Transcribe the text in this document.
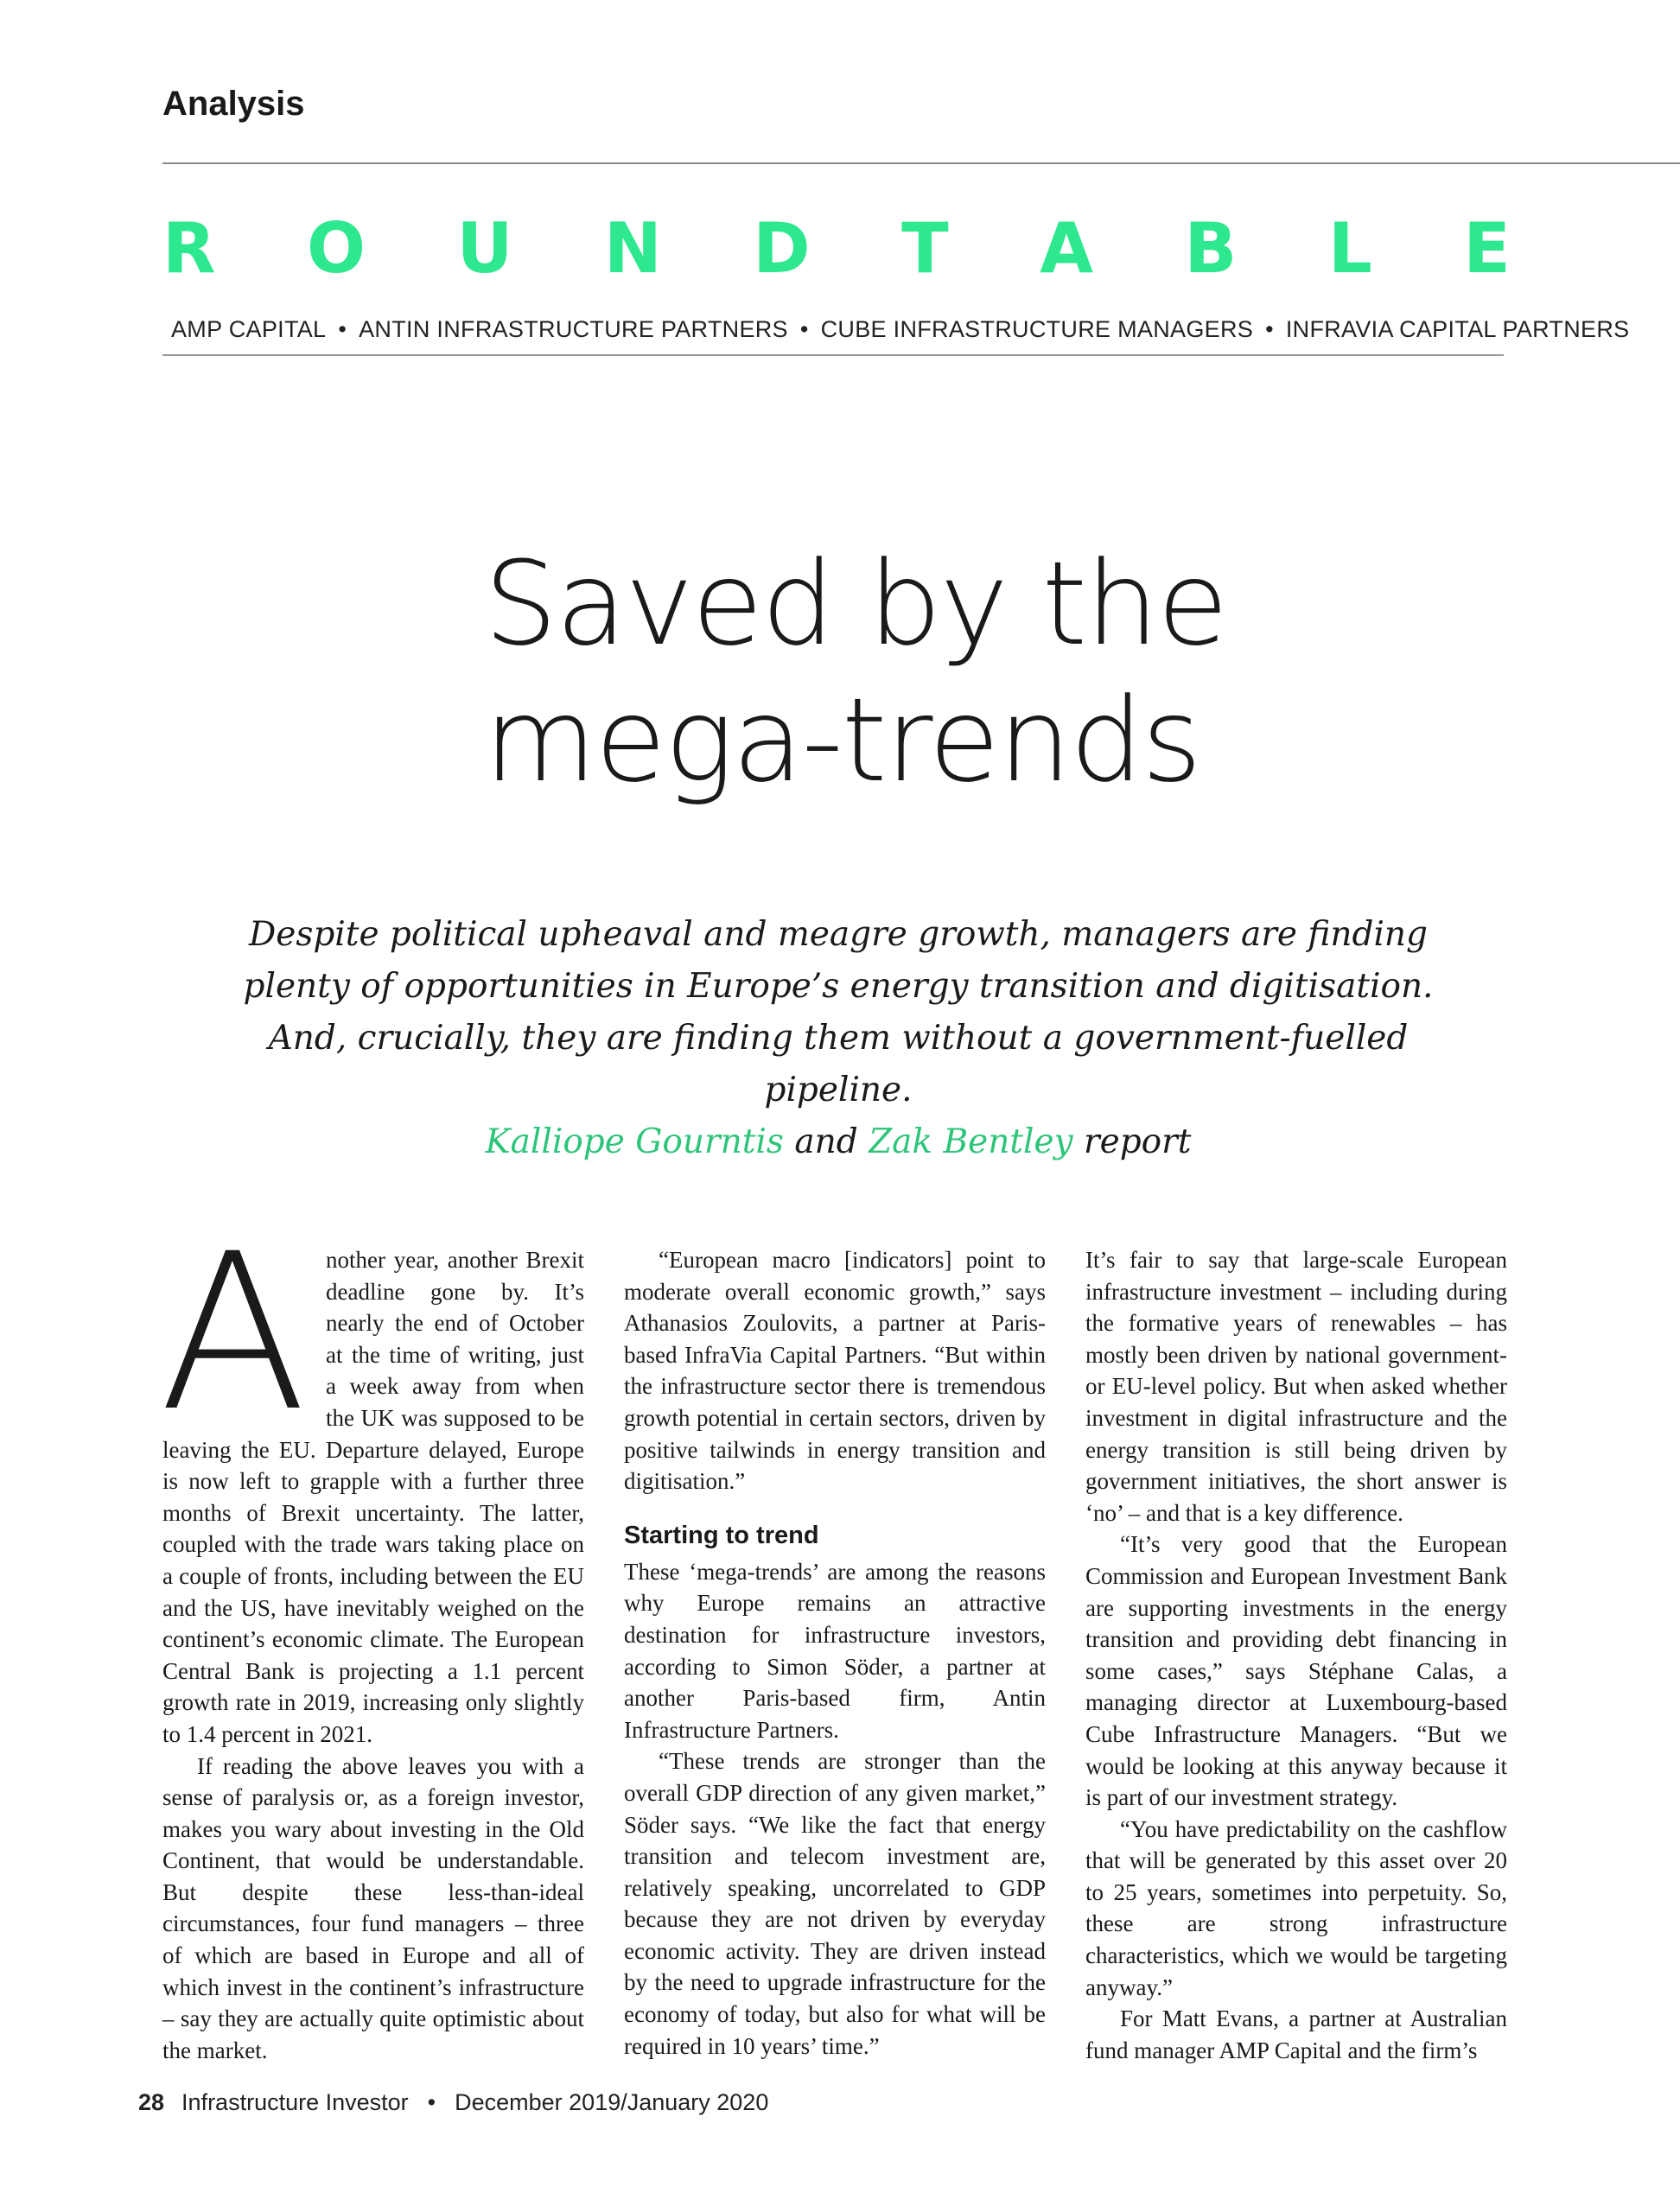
Analysis
R O U N D T A B L E
AMP CAPITAL • ANTIN INFRASTRUCTURE PARTNERS • CUBE INFRASTRUCTURE MANAGERS • INFRAVIA CAPITAL PARTNERS
Saved by the
mega-trends
Despite political upheaval and meagre growth, managers are finding plenty of opportunities in Europe’s energy transition and digitisation. And, crucially, they are finding them without a government-fuelled pipeline.
Kalliope Gourntis and Zak Bentley report
A nother year, another Brexit deadline gone by. It’s nearly the end of October at the time of writing, just a week away from when the UK was supposed to be leaving the EU. Departure delayed, Europe is now left to grapple with a further three months of Brexit uncertainty. The latter, coupled with the trade wars taking place on a couple of fronts, including between the EU and the US, have inevitably weighed on the continent’s economic climate. The European Central Bank is projecting a 1.1 percent growth rate in 2019, increasing only slightly to 1.4 percent in 2021.

If reading the above leaves you with a sense of paralysis or, as a foreign investor, makes you wary about investing in the Old Continent, that would be understandable. But despite these less-than-ideal circumstances, four fund managers – three of which are based in Europe and all of which invest in the continent’s infrastructure – say they are actually quite optimistic about the market.

“European macro [indicators] point to moderate overall economic growth,” says Athanasios Zoulovits, a partner at Paris-based InfraVia Capital Partners. “But within the infrastructure sector there is tremendous growth potential in certain sectors, driven by positive tailwinds in energy transition and digitisation.”

Starting to trend

These ‘mega-trends’ are among the reasons why Europe remains an attractive destination for infrastructure investors, according to Simon Söder, a partner at another Paris-based firm, Antin Infrastructure Partners.

“These trends are stronger than the overall GDP direction of any given market,” Söder says. “We like the fact that energy transition and telecom investment are, relatively speaking, uncorrelated to GDP because they are not driven by everyday economic activity. They are driven instead by the need to upgrade infrastructure for the economy of today, but also for what will be required in 10 years’ time.”

It’s fair to say that large-scale European infrastructure investment – including during the formative years of renewables – has mostly been driven by national government- or EU-level policy. But when asked whether investment in digital infrastructure and the energy transition is still being driven by government initiatives, the short answer is ‘no’ – and that is a key difference.

“It’s very good that the European Commission and European Investment Bank are supporting investments in the energy transition and providing debt financing in some cases,” says Stéphane Calas, a managing director at Luxembourg-based Cube Infrastructure Managers. “But we would be looking at this anyway because it is part of our investment strategy.

“You have predictability on the cashflow that will be generated by this asset over 20 to 25 years, sometimes into perpetuity. So, these are strong infrastructure characteristics, which we would be targeting anyway.”

For Matt Evans, a partner at Australian fund manager AMP Capital and the firm’s

28 Infrastructure Investor • December 2019/January 2020
